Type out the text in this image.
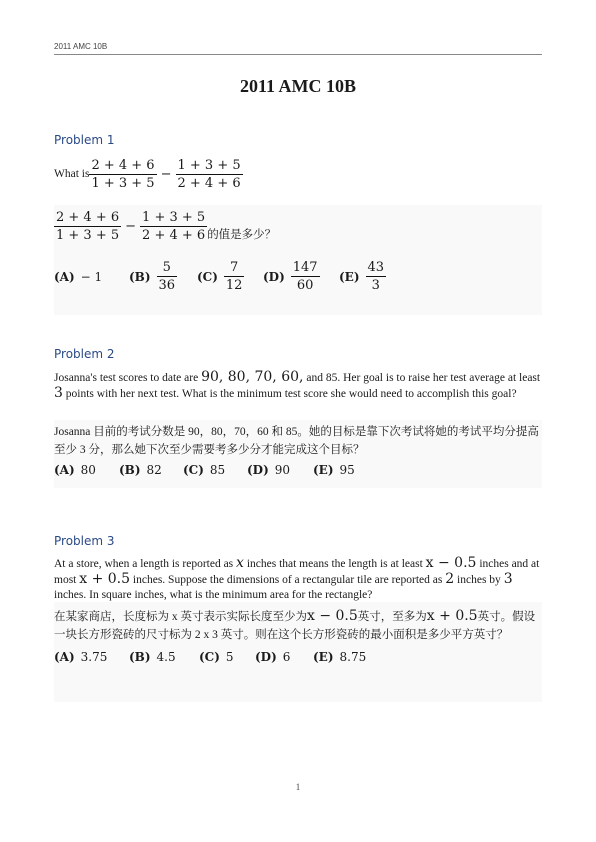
2011 AMC 10B
2011 AMC 10B
Problem 1
What is $\frac{2 + 4 + 6}{1 + 3 + 5} - \frac{1 + 3 + 5}{2 + 4 + 6}$
$\frac{2 + 4 + 6}{1 + 3 + 5} - \frac{1 + 3 + 5}{2 + 4 + 6}$ 的值是多少？
(A) − 1 $(B) \frac{5}{36} (C) \frac{7}{12} (D) \frac{147}{60} (E) \frac{43}{3}$
Problem 2
Josanna's test scores to date are 90, 80, 70, 60, and 85. Her goal is to raise her test average at least 3 points with her next test. What is the minimum test score she would need to accomplish this goal?
Josanna 目前的考试分数是 90，80，70，60 和 85。她的目标是靠下次考试将她的考试平均分提高至少 3 分，那么她下次至少需要考多少分才能完成这个目标？
(A) 80 (B) 82 (C) 85 (D) 90 (E) 95
Problem 3
At a store, when a length is reported as x inches that means the length is at least x − 0.5 inches and at most x + 0.5 inches. Suppose the dimensions of a rectangular tile are reported as 2 inches by 3 inches. In square inches, what is the minimum area for the rectangle?
在某家商店，长度标为 x 英寸表示实际长度至少为x − 0.5英寸，至多为x + 0.5英寸。假设一块长方形瓷砖的尺寸标为 2 x 3 英寸。则在这个长方形瓷砖的最小面积是多少平方英寸？
(A) 3.75 (B) 4.5 (C) 5 (D) 6 (E) 8.75
1
